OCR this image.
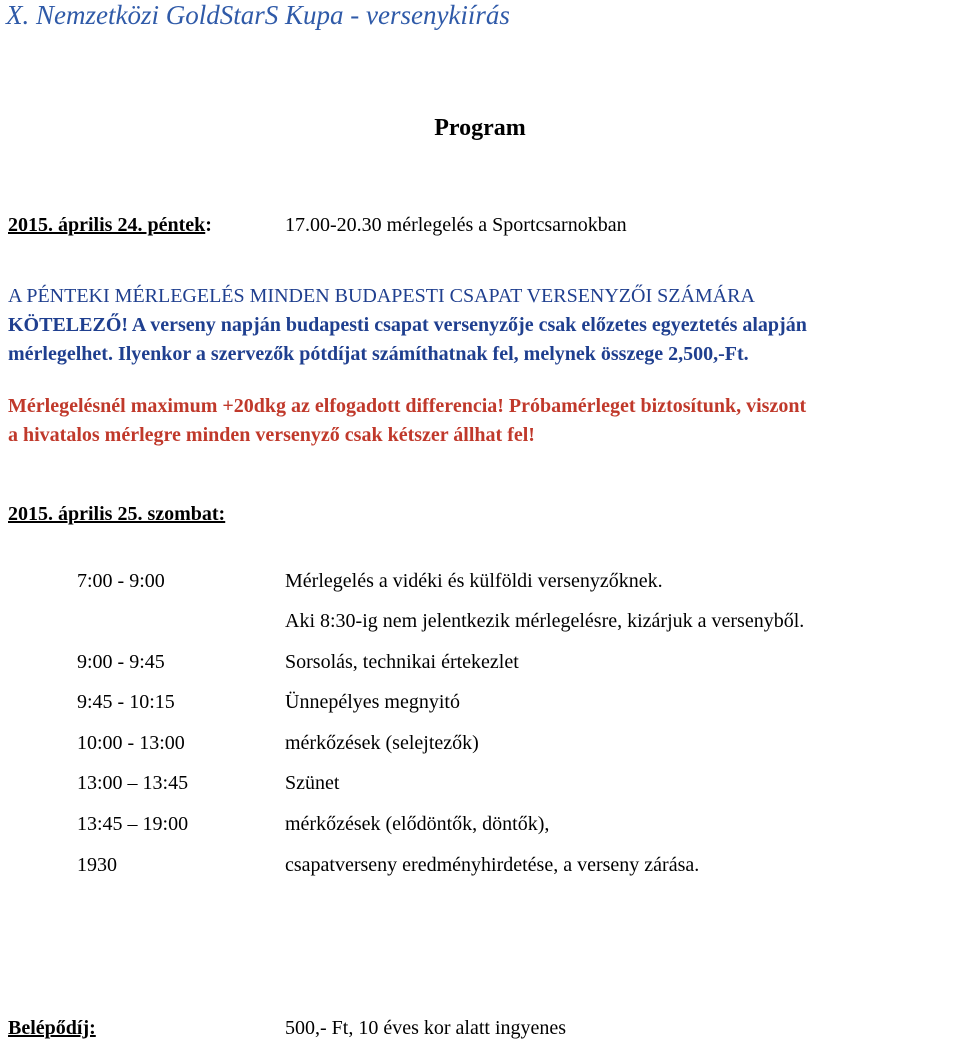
X. Nemzetközi GoldStarS Kupa - versenykiírás
Program
2015. április 24. péntek:	17.00-20.30 mérlegelés a Sportcsarnokban
A PÉNTEKI MÉRLEGELÉS MINDEN BUDAPESTI CSAPAT VERSENYZŐI SZÁMÁRA
KÖTELEZŐ! A verseny napján budapesti csapat versenyzője csak előzetes egyeztetés alapján
mérlegelhet. Ilyenkor a szervezők pótdíjat számíthatnak fel, melynek összege 2,500,-Ft.
Mérlegelésnél maximum +20dkg az elfogadott differencia! Próbamérleget biztosítunk, viszont
a hivatalos mérlegre minden versenyző csak kétszer állhat fel!
2015. április 25. szombat:
7:00 - 9:00	Mérlegelés a vidéki és külföldi versenyzőknek.
Aki 8:30-ig nem jelentkezik mérlegelésre, kizárjuk a versenyből.
9:00 - 9:45	Sorsolás, technikai értekezlet
9:45 - 10:15	Ünnepélyes megnyitó
10:00 - 13:00	mérkőzések (selejtezők)
13:00 – 13:45	Szünet
13:45 – 19:00	mérkőzések (elődöntők, döntők),
1930	csapatverseny eredményhirdetése, a verseny zárása.
Belépődíj:	500,- Ft, 10 éves kor alatt ingyenes
